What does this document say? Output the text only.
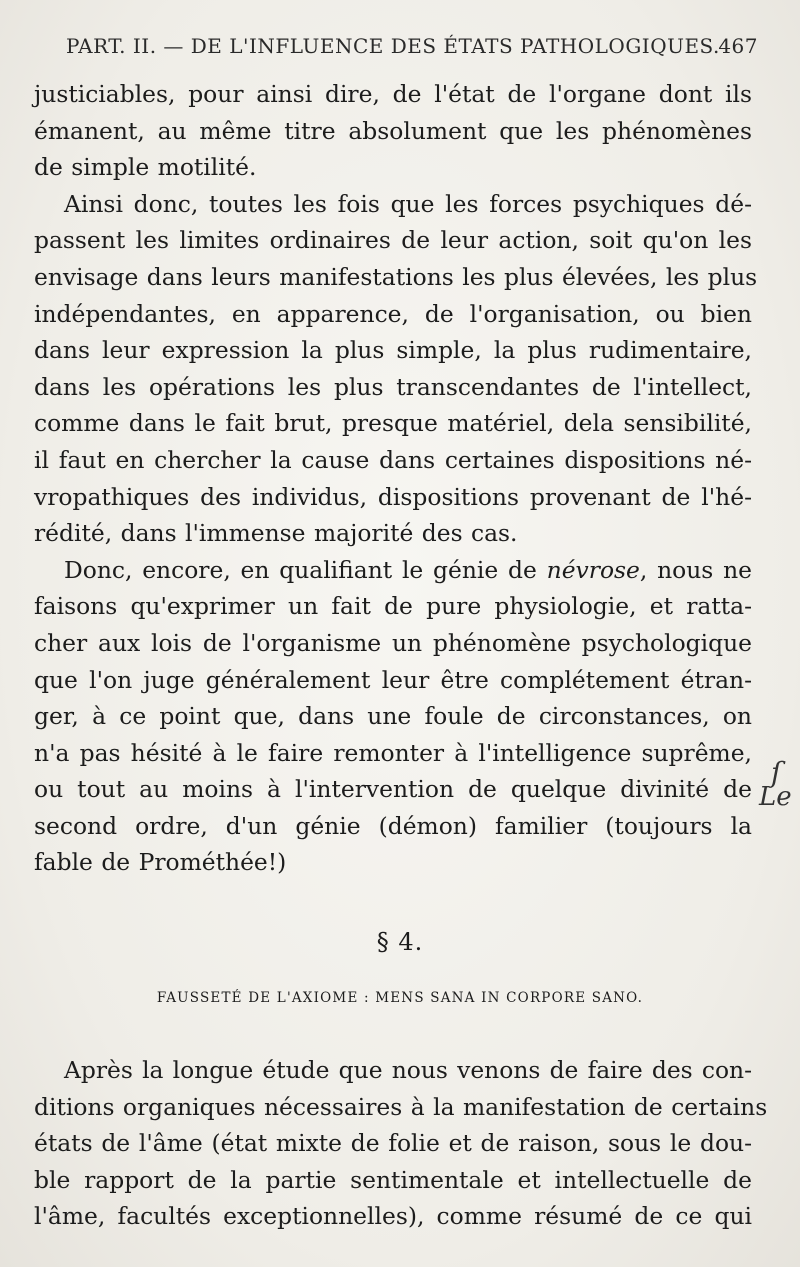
PART. II. — DE L'INFLUENCE DES ÉTATS PATHOLOGIQUES.
467
justiciables, pour ainsi dire, de l'état de l'organe dont ils
émanent, au même titre absolument que les phénomènes
de simple motilité.
Ainsi donc, toutes les fois que les forces psychiques dé-
passent les limites ordinaires de leur action, soit qu'on les
envisage dans leurs manifestations les plus élevées, les plus
indépendantes, en apparence, de l'organisation, ou bien
dans leur expression la plus simple, la plus rudimentaire,
dans les opérations les plus transcendantes de l'intellect,
comme dans le fait brut, presque matériel, dela sensibilité,
il faut en chercher la cause dans certaines dispositions né-
vropathiques des individus, dispositions provenant de l'hé-
rédité, dans l'immense majorité des cas.
Donc, encore, en qualifiant le génie de névrose, nous ne
faisons qu'exprimer un fait de pure physiologie, et ratta-
cher aux lois de l'organisme un phénomène psychologique
que l'on juge généralement leur être complétement étran-
ger, à ce point que, dans une foule de circonstances, on
n'a pas hésité à le faire remonter à l'intelligence suprême,
ou tout au moins à l'intervention de quelque divinité de
second ordre, d'un génie (démon) familier (toujours la
fable de Prométhée!)
§ 4.
FAUSSETÉ DE L'AXIOME : MENS SANA IN CORPORE SANO.
Après la longue étude que nous venons de faire des con-
ditions organiques nécessaires à la manifestation de certains
états de l'âme (état mixte de folie et de raison, sous le dou-
ble rapport de la partie sentimentale et intellectuelle de
l'âme, facultés exceptionnelles), comme résumé de ce qui
ſ
Le
